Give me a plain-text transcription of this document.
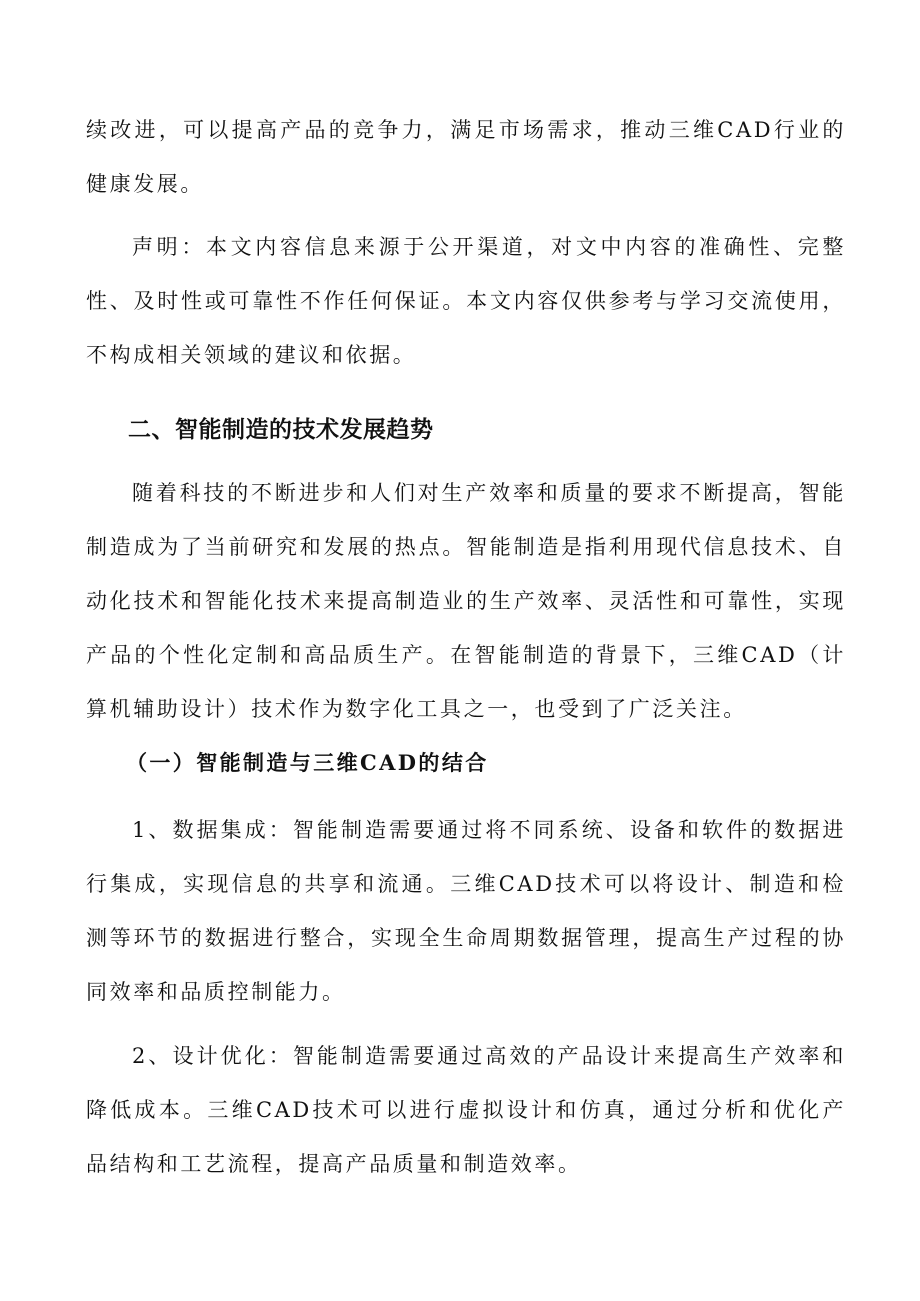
续改进，可以提高产品的竞争力，满足市场需求，推动三维CAD行业的健康发展。

声明：本文内容信息来源于公开渠道，对文中内容的准确性、完整性、及时性或可靠性不作任何保证。本文内容仅供参考与学习交流使用，不构成相关领域的建议和依据。

二、智能制造的技术发展趋势

随着科技的不断进步和人们对生产效率和质量的要求不断提高，智能制造成为了当前研究和发展的热点。智能制造是指利用现代信息技术、自动化技术和智能化技术来提高制造业的生产效率、灵活性和可靠性，实现产品的个性化定制和高品质生产。在智能制造的背景下，三维CAD（计算机辅助设计）技术作为数字化工具之一，也受到了广泛关注。

（一）智能制造与三维CAD的结合

1、数据集成：智能制造需要通过将不同系统、设备和软件的数据进行集成，实现信息的共享和流通。三维CAD技术可以将设计、制造和检测等环节的数据进行整合，实现全生命周期数据管理，提高生产过程的协同效率和品质控制能力。

2、设计优化：智能制造需要通过高效的产品设计来提高生产效率和降低成本。三维CAD技术可以进行虚拟设计和仿真，通过分析和优化产品结构和工艺流程，提高产品质量和制造效率。
